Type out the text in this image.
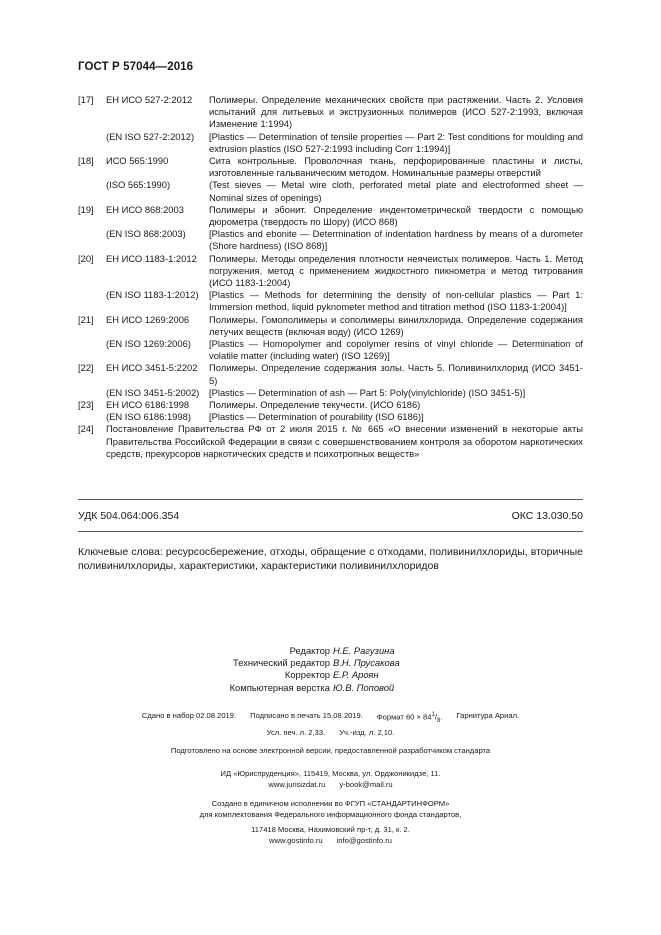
ГОСТ Р 57044—2016
[17]	ЕН ИСО 527-2:2012	Полимеры. Определение механических свойств при растяжении. Часть 2. Условия испытаний для литьевых и экструзионных полимеров (ИСО 527-2:1993, включая Изменение 1:1994)
(EN ISO 527-2:2012)	[Plastics — Determination of tensile properties — Part 2: Test conditions for moulding and extrusion plastics (ISO 527-2:1993 including Corr 1:1994)]
[18]	ИСО 565:1990	Сита контрольные. Проволочная ткань, перфорированные пластины и листы, изготовленные гальваническим методом. Номинальные размеры отверстий
(ISO 565:1990)	(Test sieves — Metal wire cloth, perforated metal plate and electroformed sheet — Nominal sizes of openings)
[19]	ЕН ИСО 868:2003	Полимеры и эбонит. Определение индентометрической твердости с помощью дюрометра (твердость по Шору) (ИСО 868)
(EN ISO 868:2003)	[Plastics and ebonite — Determination of indentation hardness by means of a durometer (Shore hardness) (ISO 868)]
[20]	ЕН ИСО 1183-1:2012	Полимеры. Методы определения плотности неячеистых полимеров. Часть 1. Метод погружения, метод с применением жидкостного пикнометра и метод титрования (ИСО 1183-1:2004)
(EN ISO 1183-1:2012)	[Plastics — Methods for determining the density of non-cellular plastics — Part 1: Immersion method, liquid pyknometer method and titration method (ISO 1183-1:2004)]
[21]	ЕН ИСО 1269:2006	Полимеры. Гомополимеры и сополимеры винилхлорида. Определение содержания летучих веществ (включая воду) (ИСО 1269)
(EN ISO 1269:2006)	[Plastics — Homopolymer and copolymer resins of vinyl chloride — Determination of volatile matter (including water) (ISO 1269)]
[22]	ЕН ИСО 3451-5:2202	Полимеры. Определение содержания золы. Часть 5. Поливинилхлорид (ИСО 3451-5)
(EN ISO 3451-5:2002)	[Plastics — Determination of ash — Part 5: Poly(vinylchloride) (ISO 3451-5)]
[23]	ЕН ИСО 6186:1998	Полимеры. Определение текучести. (ИСО 6186)
(EN ISO 6186:1998)	[Plastics — Determination of pourability (ISO 6186)]
[24]	Постановление Правительства РФ от 2 июля 2015 г. № 665 «О внесении изменений в некоторые акты Правительства Российской Федерации в связи с совершенствованием контроля за оборотом наркотических средств, прекурсоров наркотических средств и психотропных веществ»
УДК 504.064:006.354	ОКС 13.030.50
Ключевые слова: ресурсосбережение, отходы, обращение с отходами, поливинилхлориды, вторичные поливинилхлориды, характеристики, характеристики поливинилхлоридов
Редактор Н.Е. Рагузина
Технический редактор В.Н. Прусакова
Корректор Е.Р. Ароян
Компьютерная верстка Ю.В. Поповой
Сдано в набор 02.08.2019. Подписано в печать 15.08.2019. Формат $60 \times 84^1/_8$. Гарнитура Ариал.
Усл. печ. л. 2,33. Уч.-изд. л. 2,10.
Подготовлено на основе электронной версии, предоставленной разработчиком стандарта
ИД «Юриспруденция», 115419, Москва, ул. Орджоникидзе, 11.
www.jurisizdat.ru y-book@mail.ru
Создано в единичном исполнении во ФГУП «СТАНДАРТИНФОРМ»
для комплектования Федерального информационного фонда стандартов,
117418 Москва, Нахимовский пр-т, д. 31, к. 2.
www.gostinfo.ru info@gostinfo.ru
